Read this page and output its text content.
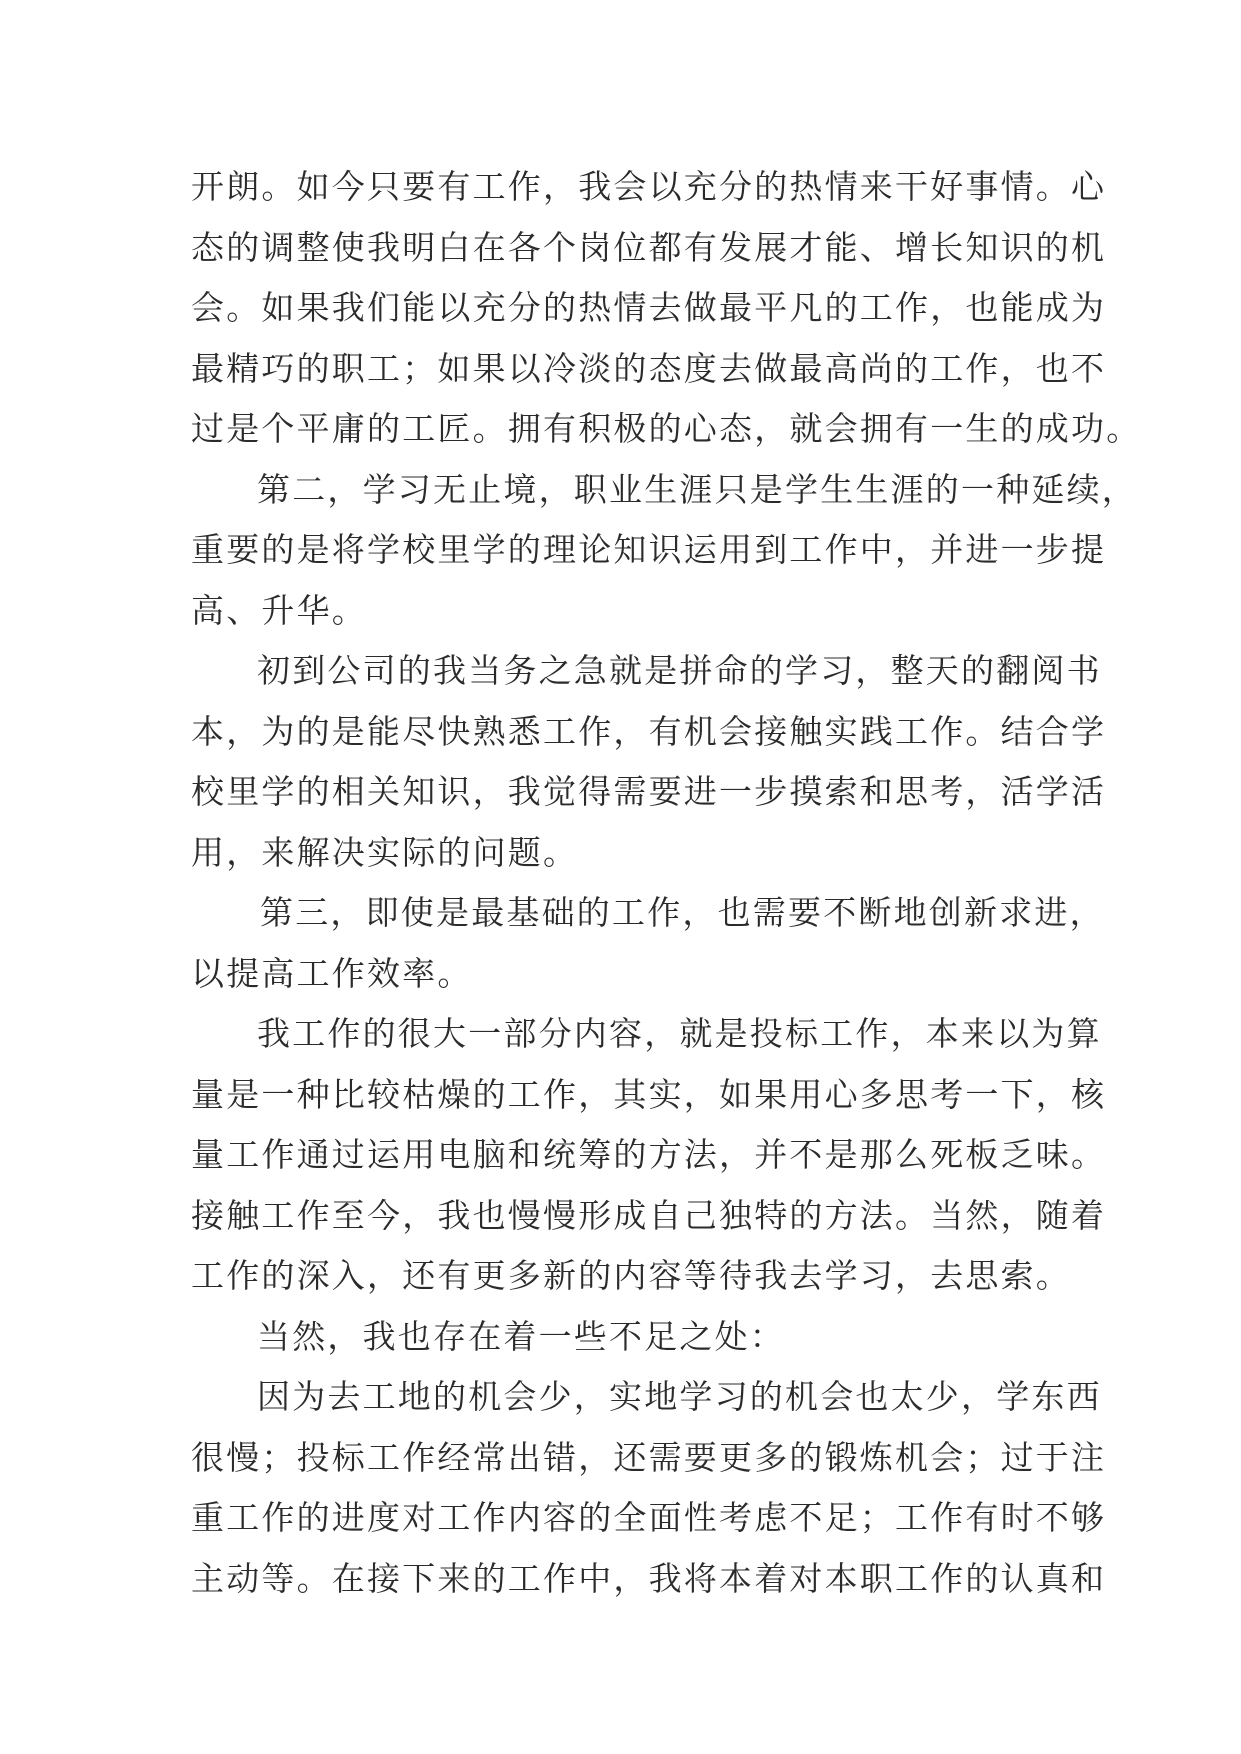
开朗。如今只要有工作，我会以充分的热情来干好事情。心
态的调整使我明白在各个岗位都有发展才能、增长知识的机
会。如果我们能以充分的热情去做最平凡的工作，也能成为
最精巧的职工；如果以冷淡的态度去做最高尚的工作，也不
过是个平庸的工匠。拥有积极的心态，就会拥有一生的成功。
第二，学习无止境，职业生涯只是学生生涯的一种延续，
重要的是将学校里学的理论知识运用到工作中，并进一步提
高、升华。
初到公司的我当务之急就是拼命的学习，整天的翻阅书
本，为的是能尽快熟悉工作，有机会接触实践工作。结合学
校里学的相关知识，我觉得需要进一步摸索和思考，活学活
用，来解决实际的问题。
第三，即使是最基础的工作，也需要不断地创新求进，
以提高工作效率。
我工作的很大一部分内容，就是投标工作，本来以为算
量是一种比较枯燥的工作，其实，如果用心多思考一下，核
量工作通过运用电脑和统筹的方法，并不是那么死板乏味。
接触工作至今，我也慢慢形成自己独特的方法。当然，随着
工作的深入，还有更多新的内容等待我去学习，去思索。
当然，我也存在着一些不足之处：
因为去工地的机会少，实地学习的机会也太少，学东西
很慢；投标工作经常出错，还需要更多的锻炼机会；过于注
重工作的进度对工作内容的全面性考虑不足；工作有时不够
主动等。在接下来的工作中，我将本着对本职工作的认真和
